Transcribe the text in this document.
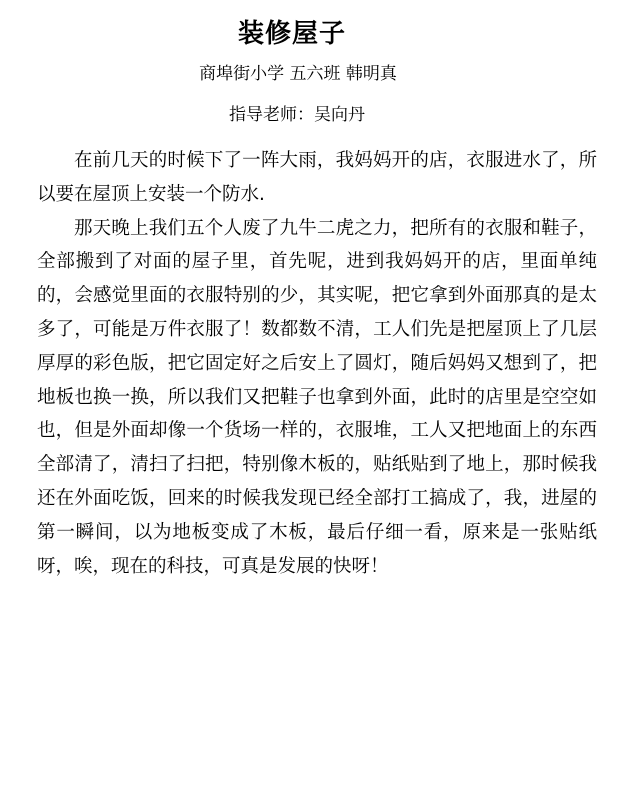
装修屋子
商埠街小学 五六班 韩明真
指导老师：吴向丹

在前几天的时候下了一阵大雨，我妈妈开的店，衣服进水了，所以要在屋顶上安装一个防水.

那天晚上我们五个人废了九牛二虎之力，把所有的衣服和鞋子，全部搬到了对面的屋子里，首先呢，进到我妈妈开的店，里面单纯的，会感觉里面的衣服特别的少，其实呢，把它拿到外面那真的是太多了，可能是万件衣服了！数都数不清，工人们先是把屋顶上了几层厚厚的彩色版，把它固定好之后安上了圆灯，随后妈妈又想到了，把地板也换一换，所以我们又把鞋子也拿到外面，此时的店里是空空如也，但是外面却像一个货场一样的，衣服堆，工人又把地面上的东西全部清了，清扫了扫把，特别像木板的，贴纸贴到了地上，那时候我还在外面吃饭，回来的时候我发现已经全部打工搞成了，我，进屋的第一瞬间，以为地板变成了木板，最后仔细一看，原来是一张贴纸呀，唉，现在的科技，可真是发展的快呀！
